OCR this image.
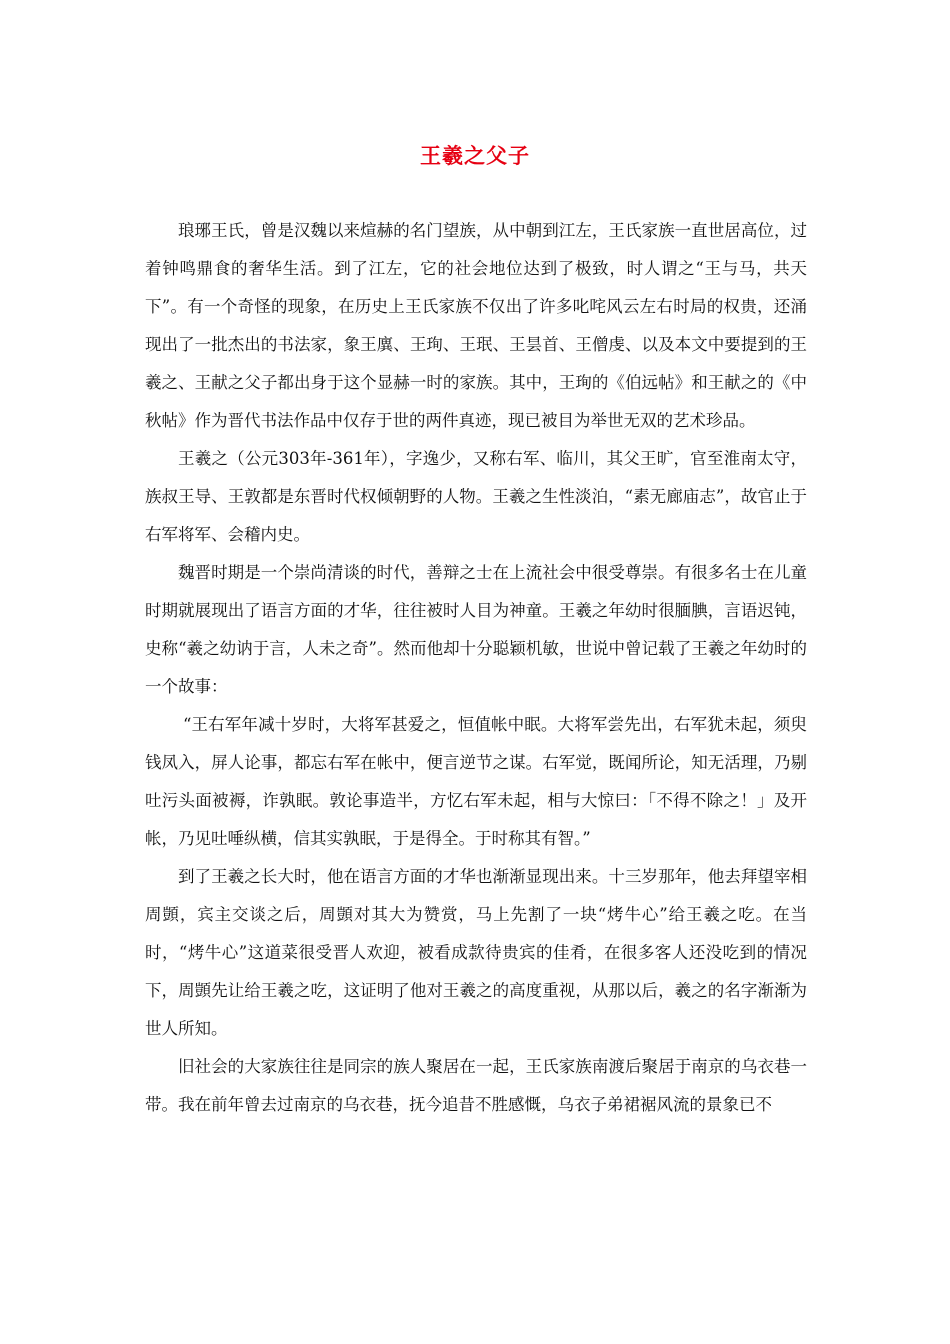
王羲之父子

琅琊王氏，曾是汉魏以来煊赫的名门望族，从中朝到江左，王氏家族一直世居高位，过着钟鸣鼎食的奢华生活。到了江左，它的社会地位达到了极致，时人谓之“王与马，共天下”。有一个奇怪的现象，在历史上王氏家族不仅出了许多叱咤风云左右时局的权贵，还涌现出了一批杰出的书法家，象王廙、王珣、王珉、王昙首、王僧虔、以及本文中要提到的王羲之、王献之父子都出身于这个显赫一时的家族。其中，王珣的《伯远帖》和王献之的《中秋帖》作为晋代书法作品中仅存于世的两件真迹，现已被目为举世无双的艺术珍品。

王羲之（公元303年-361年），字逸少，又称右军、临川，其父王旷，官至淮南太守，族叔王导、王敦都是东晋时代权倾朝野的人物。王羲之生性淡泊，“素无廊庙志”，故官止于右军将军、会稽内史。

魏晋时期是一个崇尚清谈的时代，善辩之士在上流社会中很受尊崇。有很多名士在儿童时期就展现出了语言方面的才华，往往被时人目为神童。王羲之年幼时很腼腆，言语迟钝，史称“羲之幼讷于言，人未之奇”。然而他却十分聪颖机敏，世说中曾记载了王羲之年幼时的一个故事：

“王右军年减十岁时，大将军甚爱之，恒值帐中眠。大将军尝先出，右军犹未起，须臾钱凤入，屏人论事，都忘右军在帐中，便言逆节之谋。右军觉，既闻所论，知无活理，乃剔吐污头面被褥，诈孰眠。敦论事造半，方忆右军未起，相与大惊曰：「不得不除之！」及开帐，乃见吐唾纵横，信其实孰眠，于是得全。于时称其有智。”

到了王羲之长大时，他在语言方面的才华也渐渐显现出来。十三岁那年，他去拜望宰相周顗，宾主交谈之后，周顗对其大为赞赏，马上先割了一块“烤牛心”给王羲之吃。在当时，“烤牛心”这道菜很受晋人欢迎，被看成款待贵宾的佳肴，在很多客人还没吃到的情况下，周顗先让给王羲之吃，这证明了他对王羲之的高度重视，从那以后，羲之的名字渐渐为世人所知。

旧社会的大家族往往是同宗的族人聚居在一起，王氏家族南渡后聚居于南京的乌衣巷一带。我在前年曾去过南京的乌衣巷，抚今追昔不胜感慨，乌衣子弟裙裾风流的景象已不
